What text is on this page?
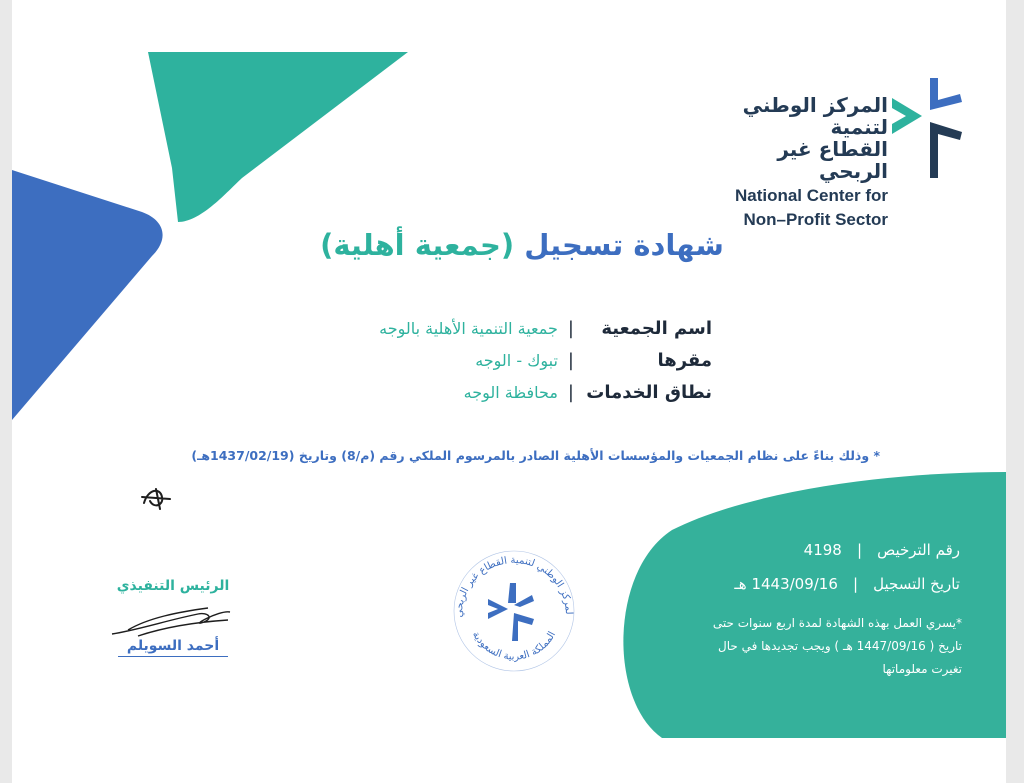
المركز الوطني لتنمية
القطاع غير الربحي
National Center for
Non–Profit Sector
شهادة تسجيل (جمعية أهلية)
اسم الجمعية
|
جمعية التنمية الأهلية بالوجه
مقرها
|
تبوك - الوجه
نطاق الخدمات
|
محافظة الوجه
* وذلك بناءً على نظام الجمعيات والمؤسسات الأهلية الصادر بالمرسوم الملكي رقم (م/8) وتاريخ (1437/02/19هـ)
الرئيس التنفيذي
أحمد السويلم
لمركز الوطني لتنمية القطاع غير الربحي
المملكة العربية السعودية
رقم الترخيص | 4198
تاريخ التسجيل | 1443/09/16 هـ
*يسري العمل بهذه الشهادة لمدة اربع سنوات حتى
تاريخ ( 1447/09/16 هـ ) ويجب تجديدها في حال
تغيرت معلوماتها
